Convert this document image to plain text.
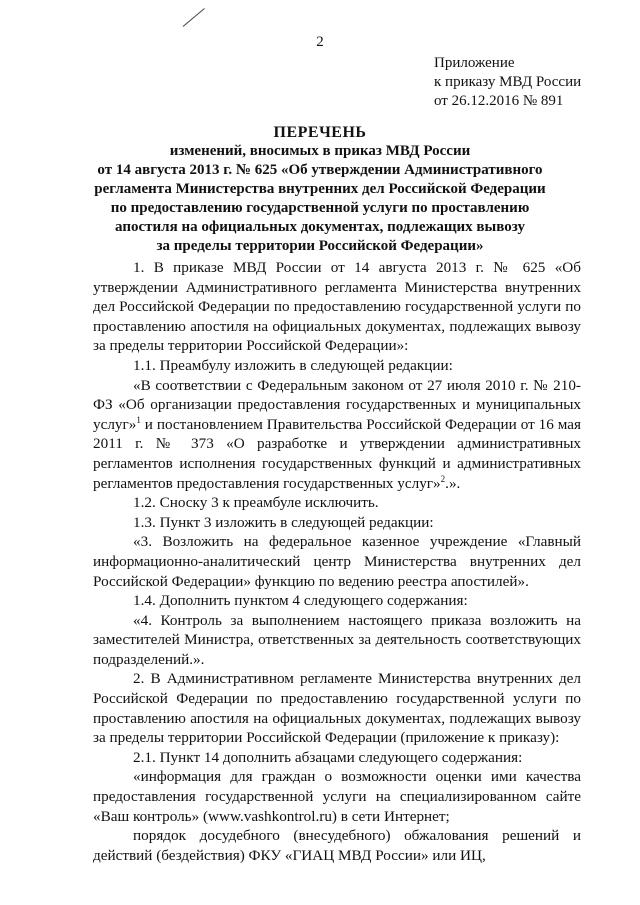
2
Приложение
к приказу МВД России
от 26.12.2016 № 891
ПЕРЕЧЕНЬ
изменений, вносимых в приказ МВД России
от 14 августа 2013 г. № 625 «Об утверждении Административного
регламента Министерства внутренних дел Российской Федерации
по предоставлению государственной услуги по проставлению
апостиля на официальных документах, подлежащих вывозу
за пределы территории Российской Федерации»

1. В приказе МВД России от 14 августа 2013 г. № 625 «Об утверждении Административного регламента Министерства внутренних дел Российской Федерации по предоставлению государственной услуги по проставлению апостиля на официальных документах, подлежащих вывозу за пределы территории Российской Федерации»:

1.1. Преамбулу изложить в следующей редакции:

«В соответствии с Федеральным законом от 27 июля 2010 г. № 210-ФЗ «Об организации предоставления государственных и муниципальных услуг»$^1$ и постановлением Правительства Российской Федерации от 16 мая 2011 г. № 373 «О разработке и утверждении административных регламентов исполнения государственных функций и административных регламентов предоставления государственных услуг»$^2$.».

1.2. Сноску 3 к преамбуле исключить.

1.3. Пункт 3 изложить в следующей редакции:

«3. Возложить на федеральное казенное учреждение «Главный информационно-аналитический центр Министерства внутренних дел Российской Федерации» функцию по ведению реестра апостилей».

1.4. Дополнить пунктом 4 следующего содержания:

«4. Контроль за выполнением настоящего приказа возложить на заместителей Министра, ответственных за деятельность соответствующих подразделений.».

2. В Административном регламенте Министерства внутренних дел Российской Федерации по предоставлению государственной услуги по проставлению апостиля на официальных документах, подлежащих вывозу за пределы территории Российской Федерации (приложение к приказу):

2.1. Пункт 14 дополнить абзацами следующего содержания:

«информация для граждан о возможности оценки ими качества предоставления государственной услуги на специализированном сайте «Ваш контроль» (www.vashkontrol.ru) в сети Интернет;

порядок досудебного (внесудебного) обжалования решений и действий (бездействия) ФКУ «ГИАЦ МВД России» или ИЦ,
